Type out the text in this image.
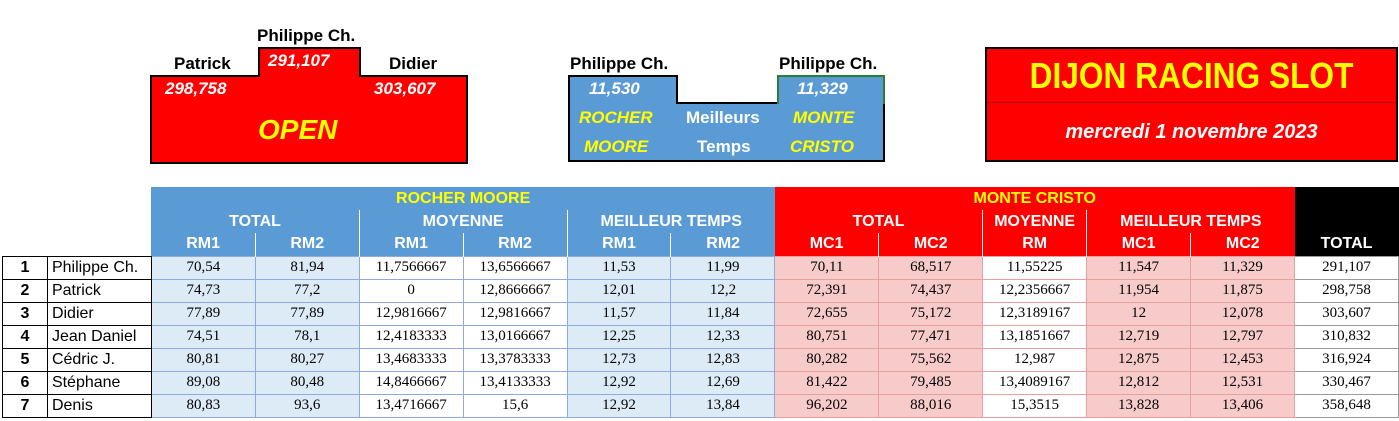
Philippe Ch.
Patrick	Didier
291,107
298,758	303,607
OPEN
Philippe Ch.	Philippe Ch.
11,530	11,329
ROCHER
MOORE
Meilleurs
Temps
MONTE
CRISTO
DIJON RACING SLOT
mercredi 1 novembre 2023
		ROCHER MOORE						MONTE CRISTO					
		TOTAL		MOYENNE		MEILLEUR TEMPS		TOTAL		MOYENNE	MEILLEUR TEMPS		
		RM1	RM2	RM1	RM2	RM1	RM2	MC1	MC2	RM	MC1	MC2	TOTAL
1	Philippe Ch.	70,54	81,94	11,7566667	13,6566667	11,53	11,99	70,11	68,517	11,55225	11,547	11,329	291,107
2	Patrick	74,73	77,2	0	12,8666667	12,01	12,2	72,391	74,437	12,2356667	11,954	11,875	298,758
3	Didier	77,89	77,89	12,9816667	12,9816667	11,57	11,84	72,655	75,172	12,3189167	12	12,078	303,607
4	Jean Daniel	74,51	78,1	12,4183333	13,0166667	12,25	12,33	80,751	77,471	13,1851667	12,719	12,797	310,832
5	Cédric J.	80,81	80,27	13,4683333	13,3783333	12,73	12,83	80,282	75,562	12,987	12,875	12,453	316,924
6	Stéphane	89,08	80,48	14,8466667	13,4133333	12,92	12,69	81,422	79,485	13,4089167	12,812	12,531	330,467
7	Denis	80,83	93,6	13,4716667	15,6	12,92	13,84	96,202	88,016	15,3515	13,828	13,406	358,648
